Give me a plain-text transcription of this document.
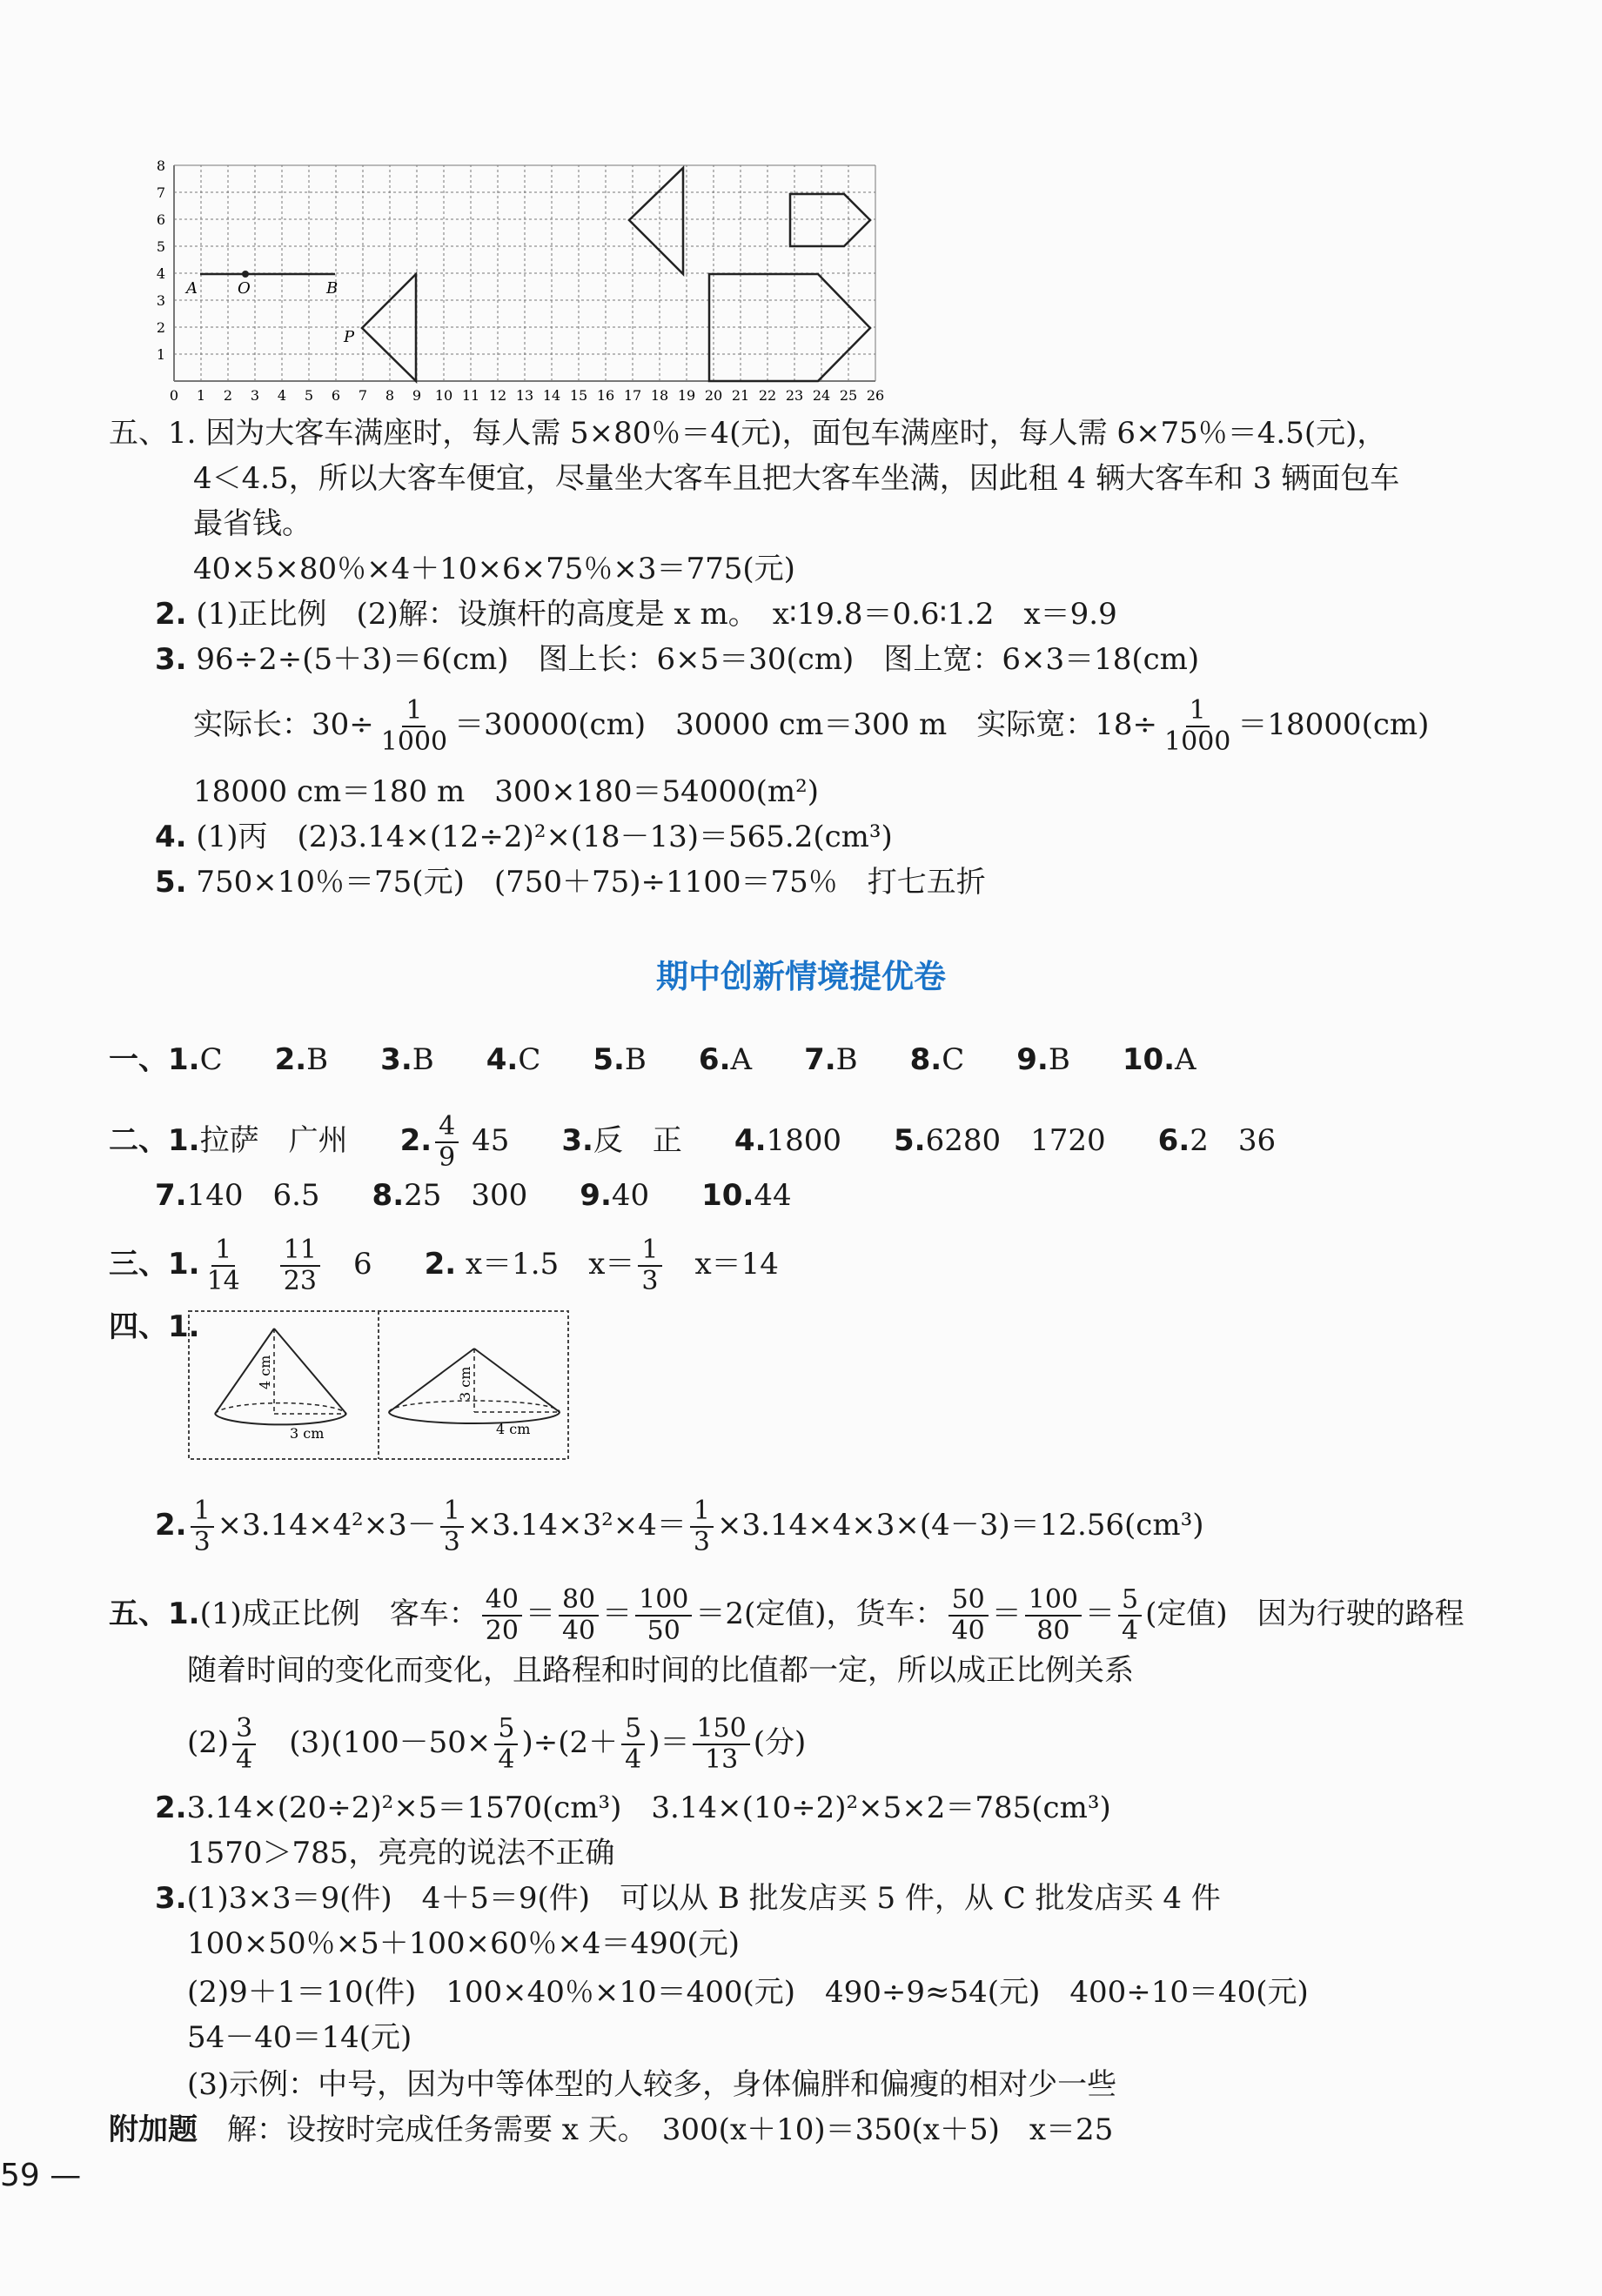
1
2
3
4
5
6
7
8
0 1 2 3 4 5 6 7 8 9 10 11 12 13 14 15 16 17 18 19 20 21 22 23 24 25 26
A	O	B
P
五、1. 因为大客车满座时，每人需 5×80％＝4(元)，面包车满座时，每人需 6×75％＝4.5(元)，
4＜4.5，所以大客车便宜，尽量坐大客车且把大客车坐满，因此租 4 辆大客车和 3 辆面包车
最省钱。
40×5×80％×4＋10×6×75％×3＝775(元)
2. (1)正比例　(2)解：设旗杆的高度是 x m。　x∶19.8＝0.6∶1.2　x＝9.9
3. 96÷2÷(5＋3)＝6(cm)　图上长：6×5＝30(cm)　图上宽：6×3＝18(cm)
实际长：$30\div \frac{1}{1000} =30000(cm)$　30000 cm＝300 m　实际宽：$18\div \frac{1}{1000} =18000(cm)$
18000 cm＝180 m　300×180＝54000(m²)
4. (1)丙　(2)3.14×(12÷2)²×(18－13)＝565.2(cm³)
5. 750×10％＝75(元)　(750＋75)÷1100＝75％　打七五折
期中创新情境提优卷
一、1.C 2.B 3.B 4.C 5.B 6.A 7.B 8.C 9.B 10.A
二、1.拉萨　广州 2. $\frac{4}{9} 45$ 3.反　正 4.1800 5.6280　1720 6.2　36
7.140　6.5 8.25　300 9.40 10.44
三、1. $\frac{1}{14} \frac{11}{23} 6$ 2. x＝1.5　$x= \frac{1}{3} x=14$
四、1.
4 cm
3 cm
3 cm
4 cm
2. $\frac{1}{3} \times 3.14\times 4^2\times 3- \frac{1}{3} \times 3.14\times 3^2\times 4= \frac{1}{3} \times 3.14\times 4\times 3\times(4-3)=12.56(cm^3)$
五、1.(1)成正比例　客车： $\frac{40}{20} = \frac{80}{40} = \frac{100}{50} =2$(定值)，货车： $\frac{50}{40} = \frac{100}{80} = \frac{5}{4}$ (定值)　因为行驶的路程
随着时间的变化而变化，且路程和时间的比值都一定，所以成正比例关系
$(2) \frac{3}{4} (3)(100-50\times \frac{5}{4} )\div(2+ \frac{5}{4}$ )＝ $\frac{150}{13}$ (分)
2.3.14×(20÷2)²×5＝1570(cm³)　3.14×(10÷2)²×5×2＝785(cm³)
1570＞785，亮亮的说法不正确
3.(1)3×3＝9(件)　4＋5＝9(件)　可以从 B 批发店买 5 件，从 C 批发店买 4 件
100×50％×5＋100×60％×4＝490(元)
(2)9＋1＝10(件)　100×40％×10＝400(元)　490÷9≈54(元)　400÷10＝40(元)
54－40＝14(元)
(3)示例：中号，因为中等体型的人较多，身体偏胖和偏瘦的相对少一些
附加题　 解：设按时完成任务需要 x 天。　300(x＋10)＝350(x＋5)　x＝25
59 —
